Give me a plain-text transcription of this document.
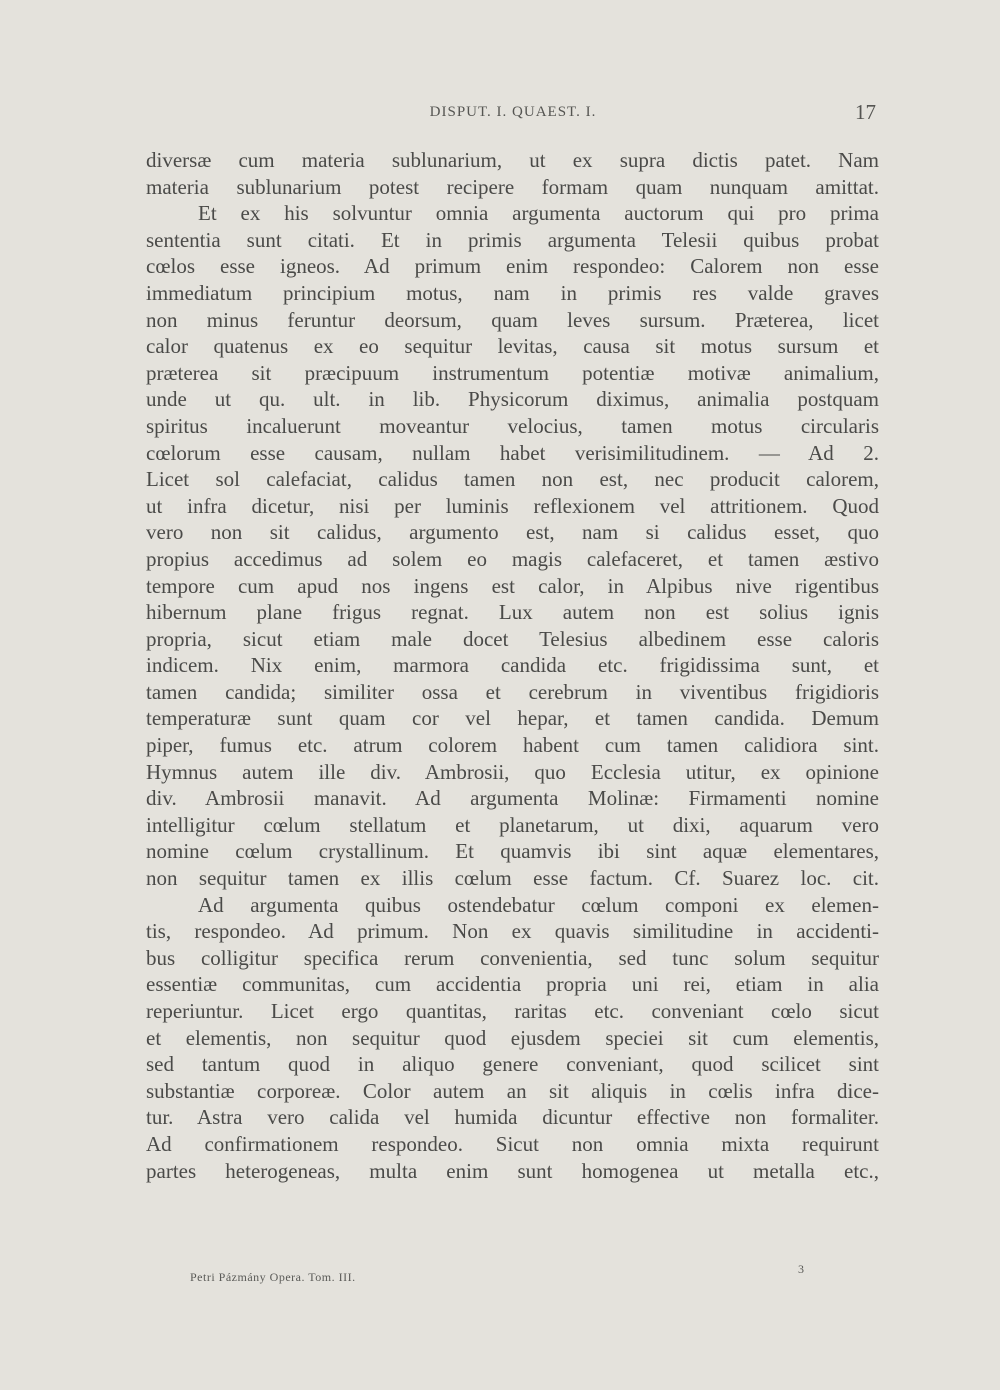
DISPUT. I. QUAEST. I.	17
diversæ cum materia sublunarium, ut ex supra dictis patet. Nam
materia sublunarium potest recipere formam quam nunquam amittat.
Et ex his solvuntur omnia argumenta auctorum qui pro prima
sententia sunt citati. Et in primis argumenta Telesii quibus probat
cœlos esse igneos. Ad primum enim respondeo: Calorem non esse
immediatum principium motus, nam in primis res valde graves
non minus feruntur deorsum, quam leves sursum. Præterea, licet
calor quatenus ex eo sequitur levitas, causa sit motus sursum et
præterea sit præcipuum instrumentum potentiæ motivæ animalium,
unde ut qu. ult. in lib. Physicorum diximus, animalia postquam
spiritus incaluerunt moveantur velocius, tamen motus circularis
cœlorum esse causam, nullam habet verisimilitudinem. — Ad 2.
Licet sol calefaciat, calidus tamen non est, nec producit calorem,
ut infra dicetur, nisi per luminis reflexionem vel attritionem. Quod
vero non sit calidus, argumento est, nam si calidus esset, quo
propius accedimus ad solem eo magis calefaceret, et tamen æstivo
tempore cum apud nos ingens est calor, in Alpibus nive rigentibus
hibernum plane frigus regnat. Lux autem non est solius ignis
propria, sicut etiam male docet Telesius albedinem esse caloris
indicem. Nix enim, marmora candida etc. frigidissima sunt, et
tamen candida; similiter ossa et cerebrum in viventibus frigidioris
temperaturæ sunt quam cor vel hepar, et tamen candida. Demum
piper, fumus etc. atrum colorem habent cum tamen calidiora sint.
Hymnus autem ille div. Ambrosii, quo Ecclesia utitur, ex opinione
div. Ambrosii manavit. Ad argumenta Molinæ: Firmamenti nomine
intelligitur cœlum stellatum et planetarum, ut dixi, aquarum vero
nomine cœlum crystallinum. Et quamvis ibi sint aquæ elementares,
non sequitur tamen ex illis cœlum esse factum. Cf. Suarez loc. cit.
Ad argumenta quibus ostendebatur cœlum componi ex elemen-
tis, respondeo. Ad primum. Non ex quavis similitudine in accidenti-
bus colligitur specifica rerum convenientia, sed tunc solum sequitur
essentiæ communitas, cum accidentia propria uni rei, etiam in alia
reperiuntur. Licet ergo quantitas, raritas etc. conveniant cœlo sicut
et elementis, non sequitur quod ejusdem speciei sit cum elementis,
sed tantum quod in aliquo genere conveniant, quod scilicet sint
substantiæ corporeæ. Color autem an sit aliquis in cœlis infra dice-
tur. Astra vero calida vel humida dicuntur effective non formaliter.
Ad confirmationem respondeo. Sicut non omnia mixta requirunt
partes heterogeneas, multa enim sunt homogenea ut metalla etc.,
Petri Pázmány Opera. Tom. III.
3
